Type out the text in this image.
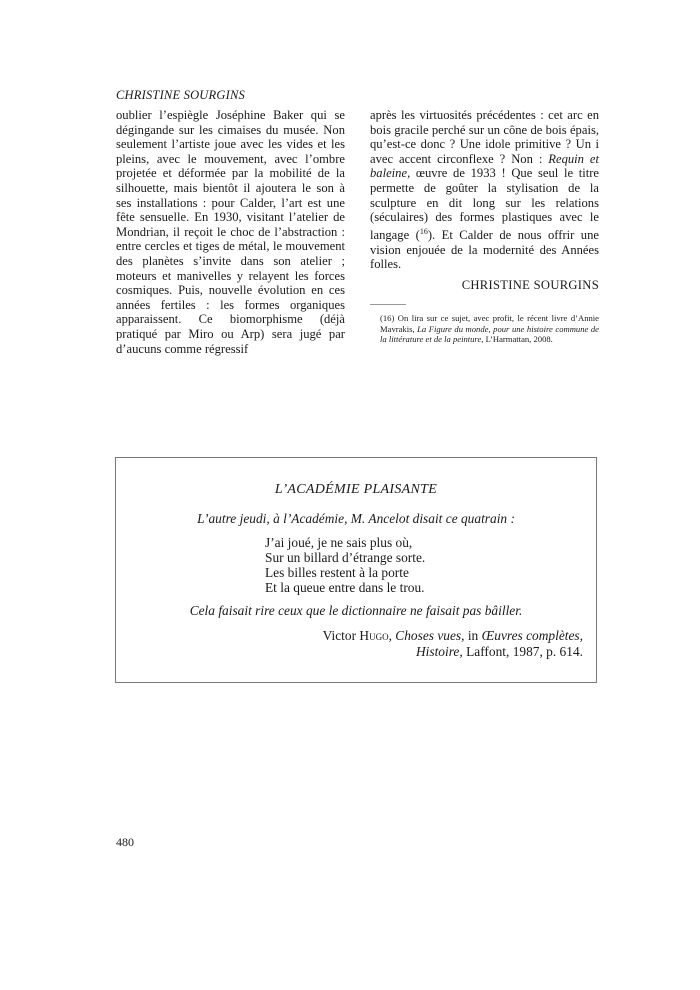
CHRISTINE SOURGINS

oublier l’espiègle Joséphine Baker qui se dégingande sur les cimaises du musée. Non seulement l’artiste joue avec les vides et les pleins, avec le mouvement, avec l’ombre projetée et déformée par la mobilité de la silhouette, mais bientôt il ajoutera le son à ses installations : pour Calder, l’art est une fête sensuelle. En 1930, visitant l’atelier de Mondrian, il reçoit le choc de l’abstraction : entre cercles et tiges de métal, le mouvement des planètes s’invite dans son atelier ; moteurs et manivelles y relayent les forces cosmiques. Puis, nouvelle évolution en ces années fertiles : les formes organiques apparaissent. Ce biomorphisme (déjà pratiqué par Miro ou Arp) sera jugé par d’aucuns comme régressif

après les virtuosités précédentes : cet arc en bois gracile perché sur un cône de bois épais, qu’est-ce donc ? Une idole primitive ? Un i avec accent circonflexe ? Non : Requin et baleine, œuvre de 1933 ! Que seul le titre permette de goûter la stylisation de la sculpture en dit long sur les relations (séculaires) des formes plastiques avec le langage ($^{16}$). Et Calder de nous offrir une vision enjouée de la modernité des Années folles.

CHRISTINE SOURGINS

(16) On lira sur ce sujet, avec profit, le récent livre d’Annie Mavrakis, La Figure du monde, pour une histoire commune de la littérature et de la peinture, L’Harmattan, 2008.

L’ACADÉMIE PLAISANTE
L’autre jeudi, à l’Académie, M. Ancelot disait ce quatrain :
J’ai joué, je ne sais plus où,
Sur un billard d’étrange sorte.
Les billes restent à la porte
Et la queue entre dans le trou.
Cela faisait rire ceux que le dictionnaire ne faisait pas bâiller.
Victor Hugo, Choses vues, in Œuvres complètes,
Histoire, Laffont, 1987, p. 614.
480
